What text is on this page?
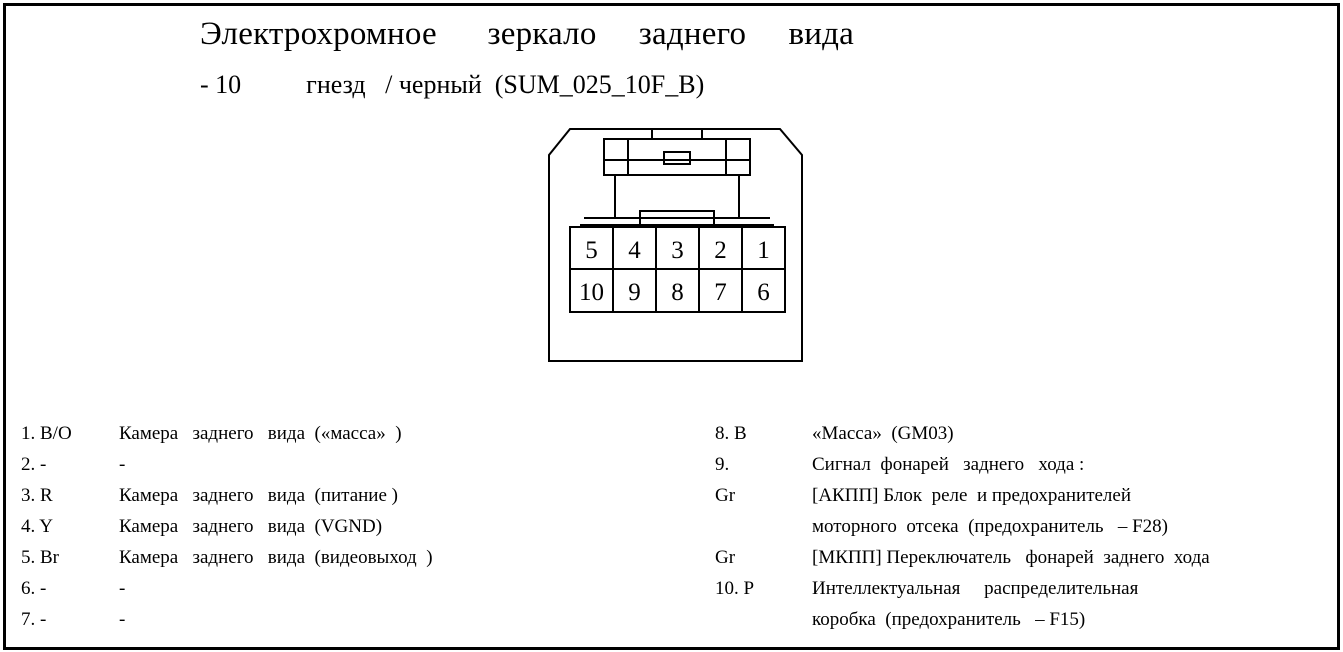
Электрохромное      зеркало     заднего     вида
- 10          гнезд   / черный  (SUM_025_10F_B)
5 4 3 2 1
10 9 8 7 6
1. B/O Камера   заднего   вида  («масса»  )
2. -	-
3. R	Камера   заднего   вида  (питание )
4. Y	Камера   заднего   вида  (VGND)
5. Br	Камера   заднего   вида  (видеовыход  )
6. -	-
7. -	-
8. B	«Масса»  (GM03)
9.	Сигнал  фонарей   заднего   хода :
Gr	[АКПП] Блок  реле  и предохранителей
моторного  отсека  (предохранитель   – F28)
Gr	[МКПП] Переключатель   фонарей  заднего  хода
10. P	Интеллектуальная     распределительная
коробка  (предохранитель   – F15)
